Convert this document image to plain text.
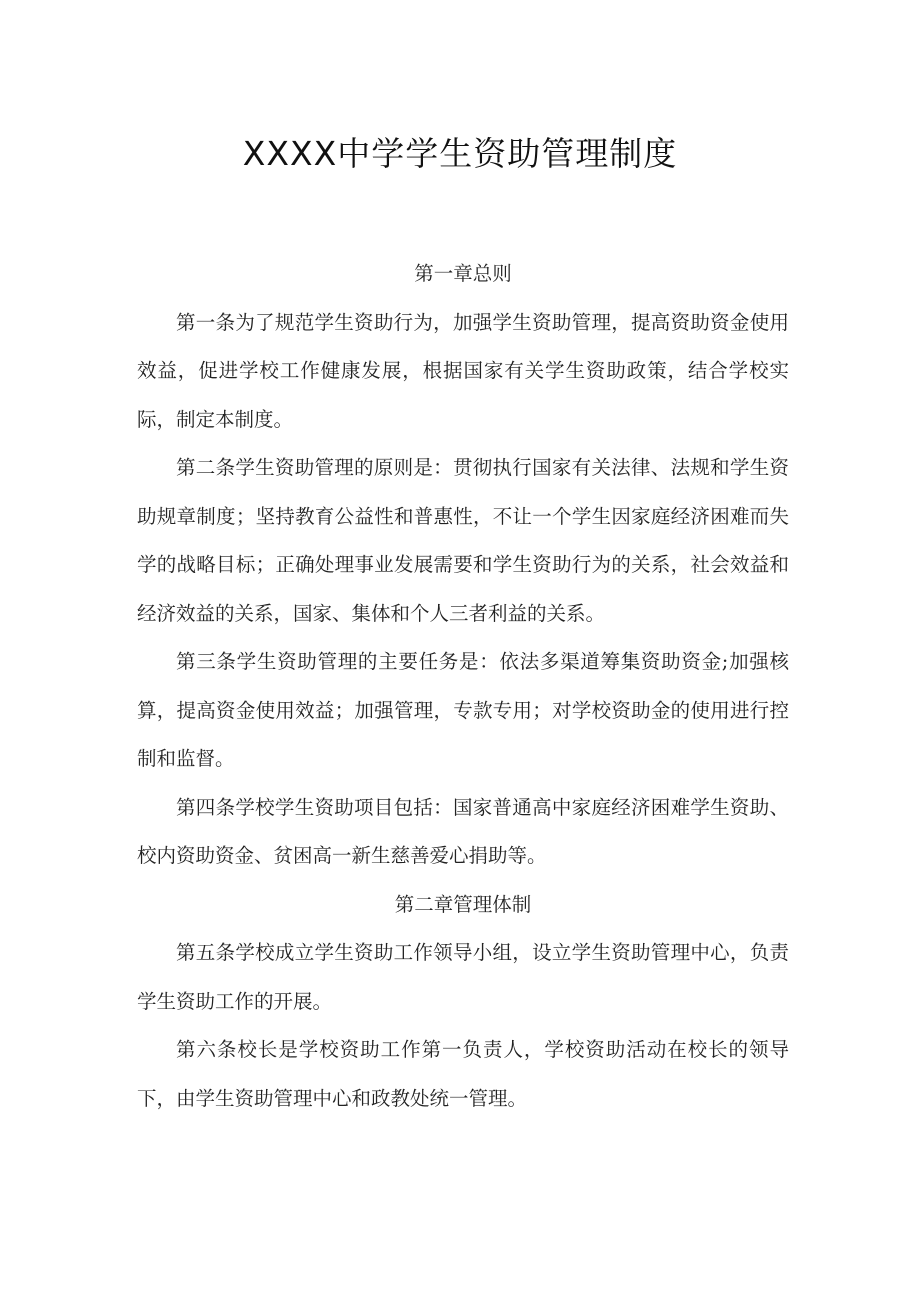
XXXX中学学生资助管理制度

第一章总则

第一条为了规范学生资助行为，加强学生资助管理，提高资助资金使用效益，促进学校工作健康发展，根据国家有关学生资助政策，结合学校实际，制定本制度。

第二条学生资助管理的原则是：贯彻执行国家有关法律、法规和学生资助规章制度；坚持教育公益性和普惠性，不让一个学生因家庭经济困难而失学的战略目标；正确处理事业发展需要和学生资助行为的关系，社会效益和经济效益的关系，国家、集体和个人三者利益的关系。

第三条学生资助管理的主要任务是：依法多渠道筹集资助资金;加强核算，提高资金使用效益；加强管理，专款专用；对学校资助金的使用进行控制和监督。

第四条学校学生资助项目包括：国家普通高中家庭经济困难学生资助、校内资助资金、贫困高一新生慈善爱心捐助等。

第二章管理体制

第五条学校成立学生资助工作领导小组，设立学生资助管理中心，负责学生资助工作的开展。

第六条校长是学校资助工作第一负责人，学校资助活动在校长的领导下，由学生资助管理中心和政教处统一管理。
